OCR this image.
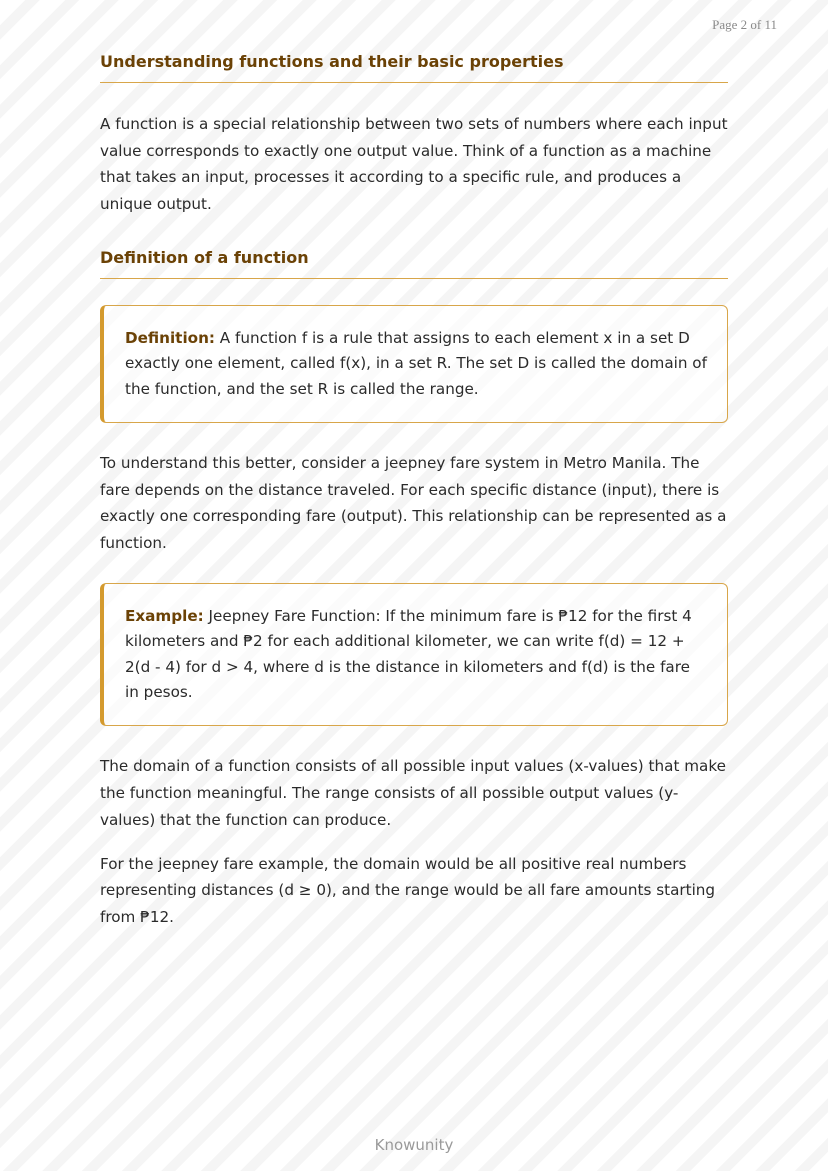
Page 2 of 11
Understanding functions and their basic properties

A function is a special relationship between two sets of numbers where each input value corresponds to exactly one output value. Think of a function as a machine that takes an input, processes it according to a specific rule, and produces a unique output.

Definition of a function

Definition: A function f is a rule that assigns to each element x in a set D exactly one element, called f(x), in a set R. The set D is called the domain of the function, and the set R is called the range.

To understand this better, consider a jeepney fare system in Metro Manila. The fare depends on the distance traveled. For each specific distance (input), there is exactly one corresponding fare (output). This relationship can be represented as a function.

Example: Jeepney Fare Function: If the minimum fare is ₱12 for the first 4 kilometers and ₱2 for each additional kilometer, we can write f(d) = 12 + 2(d - 4) for d > 4, where d is the distance in kilometers and f(d) is the fare in pesos.

The domain of a function consists of all possible input values (x-values) that make the function meaningful. The range consists of all possible output values (y-values) that the function can produce.

For the jeepney fare example, the domain would be all positive real numbers representing distances (d ≥ 0), and the range would be all fare amounts starting from ₱12.

Knowunity
